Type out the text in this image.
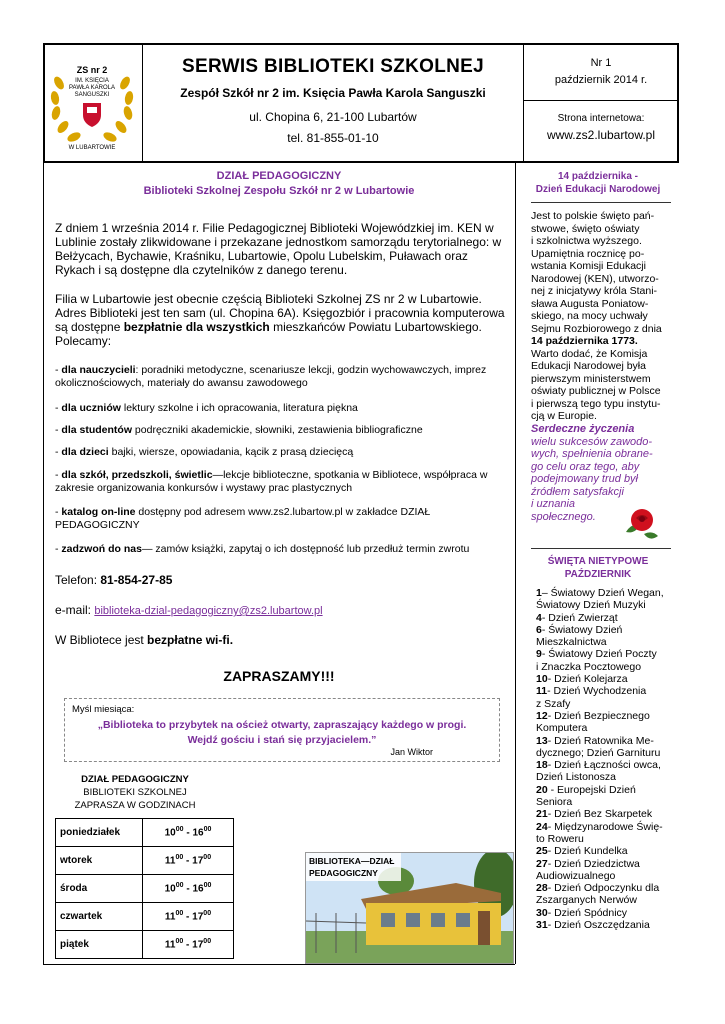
ZS nr 2
IM. KSIĘCIA
PAWŁA KAROLA
SANGUSZKI
W LUBARTOWIE
SERWIS BIBLIOTEKI SZKOLNEJ
Zespół Szkół nr 2 im. Księcia Pawła Karola Sanguszki
ul. Chopina 6, 21-100 Lubartów
tel. 81-855-01-10
Nr 1
październik 2014 r.
Strona internetowa:
www.zs2.lubartow.pl
DZIAŁ PEDAGOGICZNY
Biblioteki Szkolnej Zespołu Szkół nr 2 w Lubartowie
Z dniem 1 września 2014 r. Filie Pedagogicznej Biblioteki Wojewódzkiej im. KEN w Lublinie zostały zlikwidowane i przekazane jednostkom samorządu terytorialnego: w Bełżycach, Bychawie, Kraśniku, Lubartowie, Opolu Lubelskim, Puławach oraz Rykach i są dostępne dla czytelników z danego terenu.
Filia w Lubartowie jest obecnie częścią Biblioteki Szkolnej ZS nr 2 w Lubartowie. Adres Biblioteki jest ten sam (ul. Chopina 6A). Księgozbiór i pracownia komputerowa są dostępne bezpłatnie dla wszystkich mieszkańców Powiatu Lubartowskiego. Polecamy:
- dla nauczycieli: poradniki metodyczne, scenariusze lekcji, godzin wychowawczych, imprez okolicznościowych, materiały do awansu zawodowego
- dla uczniów lektury szkolne i ich opracowania, literatura piękna
- dla studentów podręczniki akademickie, słowniki, zestawienia bibliograficzne
- dla dzieci bajki, wiersze, opowiadania, kącik z prasą dziecięcą
- dla szkół, przedszkoli, świetlic—lekcje biblioteczne, spotkania w Bibliotece, współpraca w zakresie organizowania konkursów i wystawy prac plastycznych
- katalog on-line dostępny pod adresem www.zs2.lubartow.pl w zakładce DZIAŁ PEDAGOGICZNY
- zadzwoń do nas— zamów książki, zapytaj o ich dostępność lub przedłuż termin zwrotu
Telefon: 81-854-27-85
e-mail: biblioteka-dzial-pedagogiczny@zs2.lubartow.pl
W Bibliotece jest bezpłatne wi-fi.
ZAPRASZAMY!!!
Myśl miesiąca:
„Biblioteka to przybytek na oścież otwarty, zapraszający każdego w progi.
Wejdź gościu i stań się przyjacielem.”
Jan Wiktor
DZIAŁ PEDAGOGICZNY
BIBLIOTEKI SZKOLNEJ
ZAPRASZA W GODZINACH
poniedziałek	$10^{00} - 16^{00}$
wtorek	$11^{00} - 17^{00}$
środa	$10^{00} - 16^{00}$
czwartek	$11^{00} - 17^{00}$
piątek	$11^{00} - 17^{00}$
BIBLIOTEKA—DZIAŁ
PEDAGOGICZNY
14 października -
Dzień Edukacji Narodowej
Jest to polskie święto pań-
stwowe, święto oświaty
i szkolnictwa wyższego.
Upamiętnia rocznicę po-
wstania Komisji Edukacji
Narodowej (KEN), utworzo-
nej z inicjatywy króla Stani-
sława Augusta Poniatow-
skiego, na mocy uchwały
Sejmu Rozbiorowego z dnia
14 października 1773.
Warto dodać, że Komisja
Edukacji Narodowej była
pierwszym ministerstwem
oświaty publicznej w Polsce
i pierwszą tego typu instytu-
cją w Europie.
Serdeczne życzenia
wielu sukcesów zawodo-
wych, spełnienia obrane-
go celu oraz tego, aby
podejmowany trud był
źródłem satysfakcji
i uznania
społecznego.
ŚWIĘTA NIETYPOWE
PAŹDZIERNIK
1– Światowy Dzień Wegan,
Światowy Dzień Muzyki
4- Dzień Zwierząt
6- Światowy Dzień
Mieszkalnictwa
9- Światowy Dzień Poczty
i Znaczka Pocztowego
10- Dzień Kolejarza
11- Dzień Wychodzenia
z Szafy
12- Dzień Bezpiecznego
Komputera
13- Dzień Ratownika Me-
dycznego; Dzień Garnituru
18- Dzień Łączności owca,
Dzień Listonosza
20 - Europejski Dzień
Seniora
21- Dzień Bez Skarpetek
24- Międzynarodowe Świę-
to Roweru
25- Dzień Kundelka
27- Dzień Dziedzictwa
Audiowizualnego
28- Dzień Odpoczynku dla
Zszarganych Nerwów
30- Dzień Spódnicy
31- Dzień Oszczędzania
